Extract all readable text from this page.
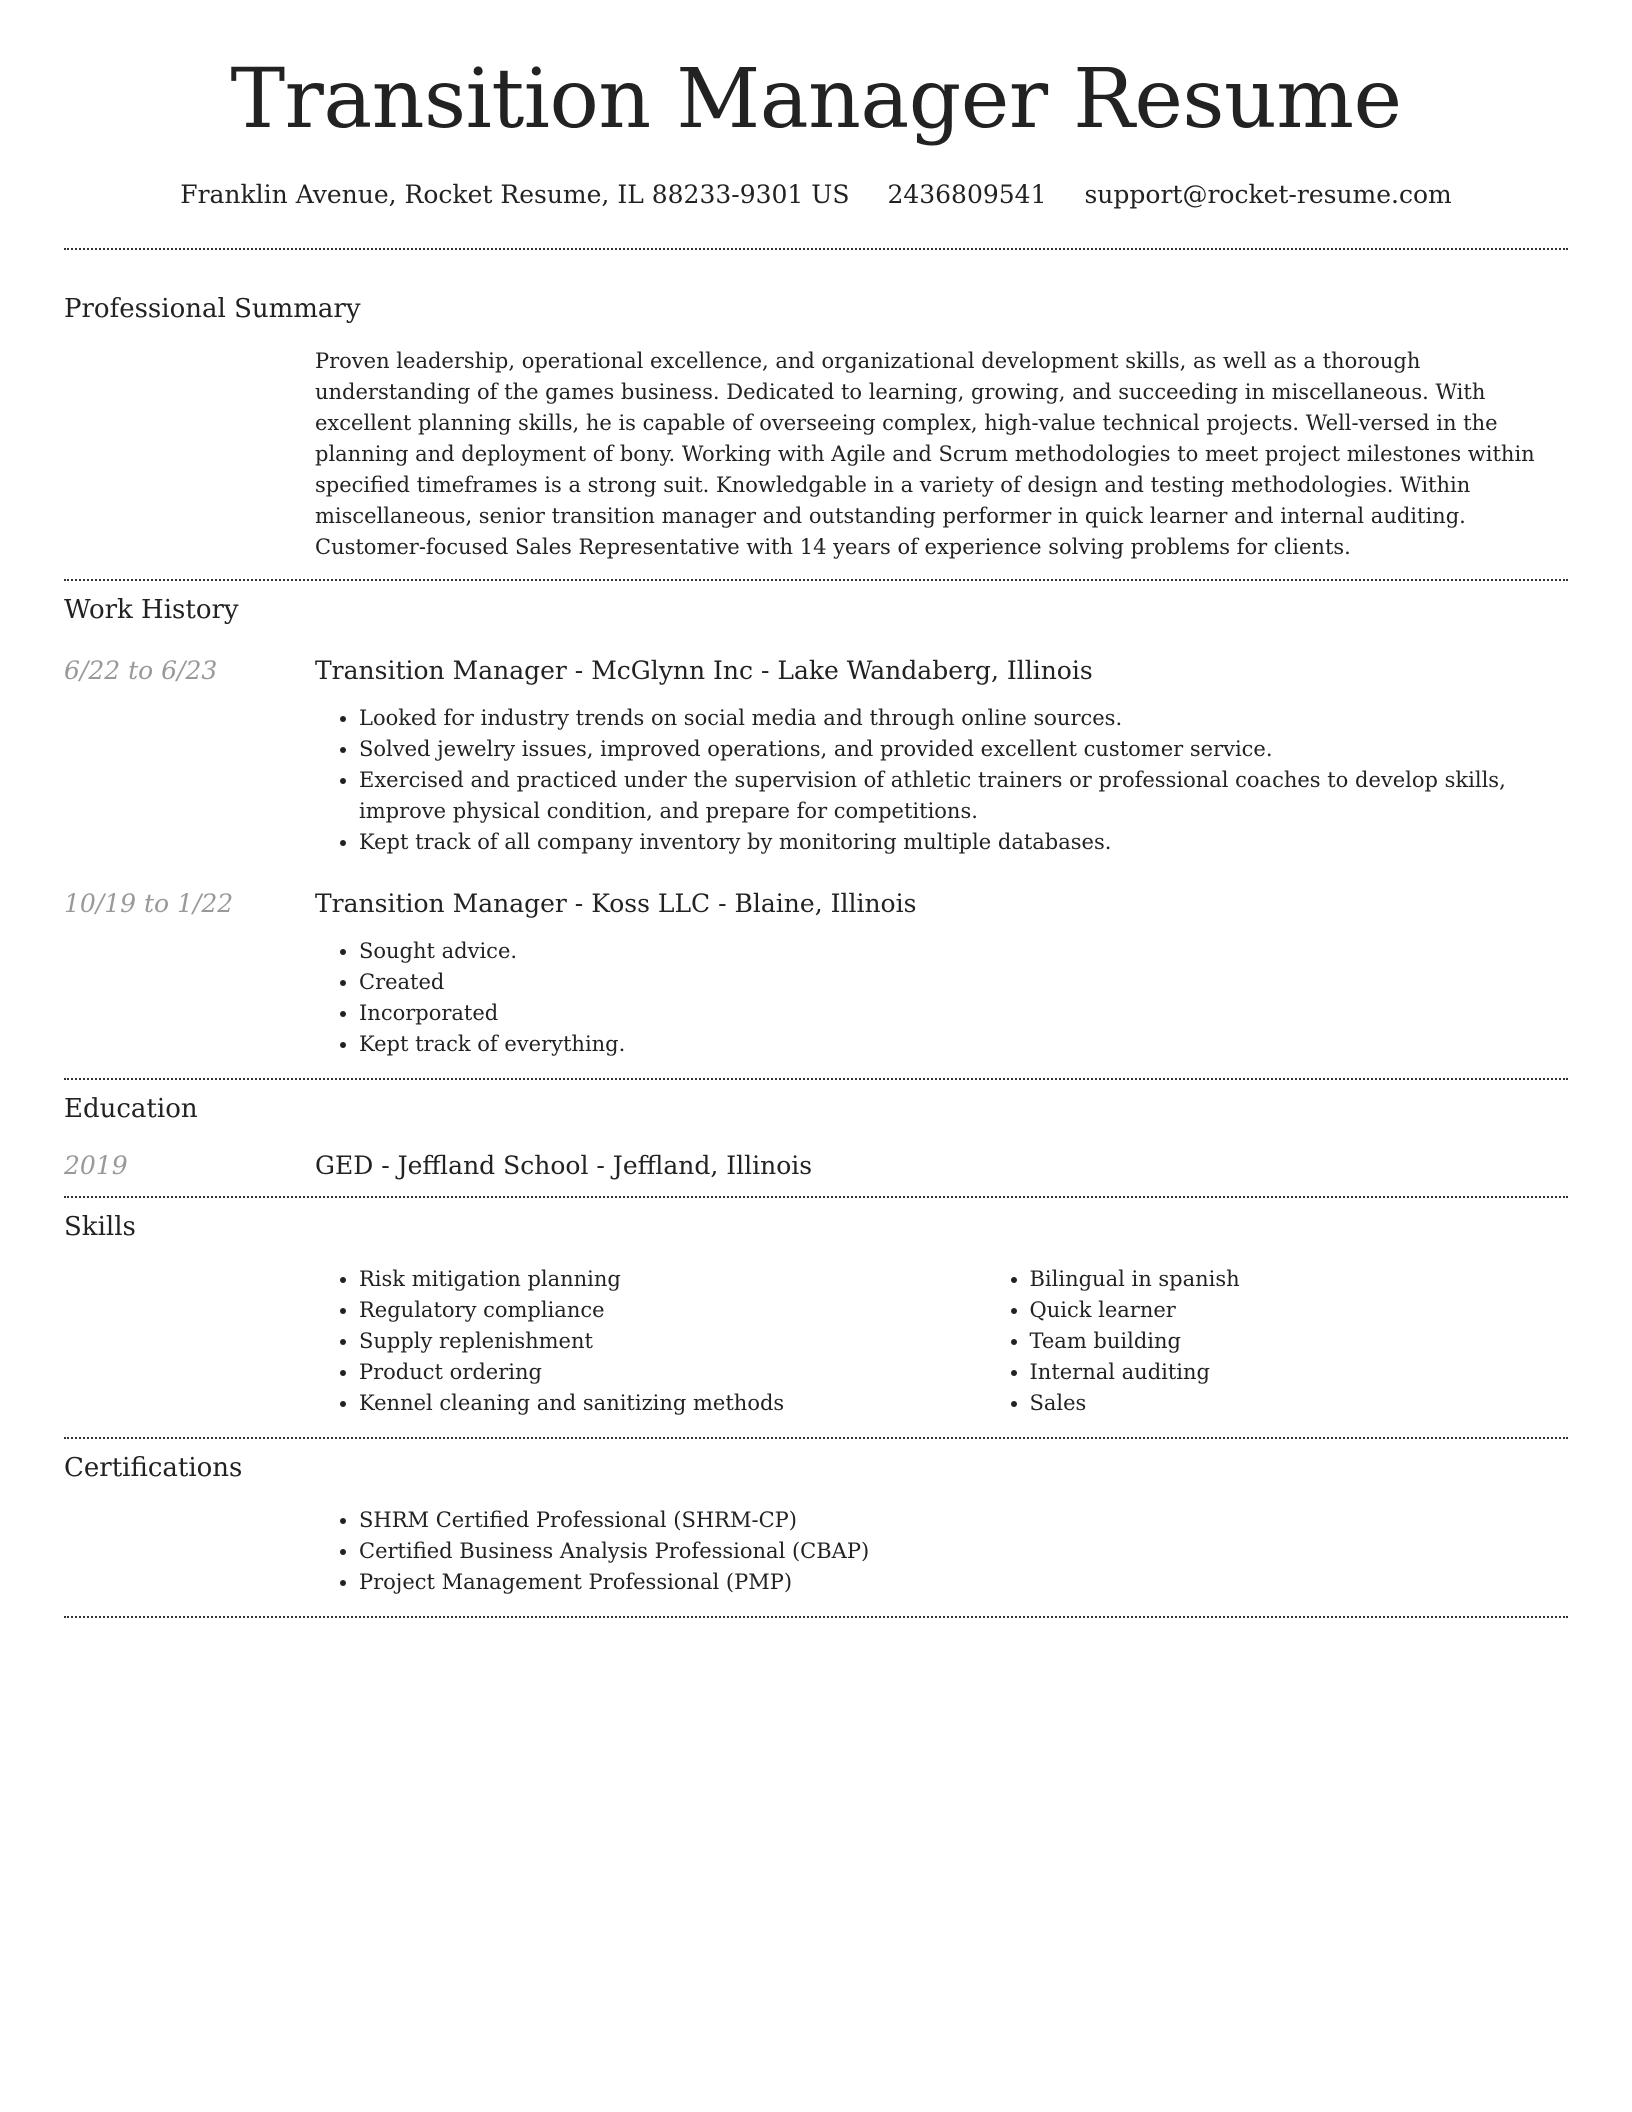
Transition Manager Resume
Franklin Avenue, Rocket Resume, IL 88233-9301 US 2436809541 support@rocket-resume.com
Professional Summary

Proven leadership, operational excellence, and organizational development skills, as well as a thorough understanding of the games business. Dedicated to learning, growing, and succeeding in miscellaneous. With excellent planning skills, he is capable of overseeing complex, high-value technical projects. Well-versed in the planning and deployment of bony. Working with Agile and Scrum methodologies to meet project milestones within specified timeframes is a strong suit. Knowledgable in a variety of design and testing methodologies. Within miscellaneous, senior transition manager and outstanding performer in quick learner and internal auditing. Customer-focused Sales Representative with 14 years of experience solving problems for clients.

Work History
6/22 to 6/23	Transition Manager - McGlynn Inc - Lake Wandaberg, Illinois
• Looked for industry trends on social media and through online sources.
• Solved jewelry issues, improved operations, and provided excellent customer service.
• Exercised and practiced under the supervision of athletic trainers or professional coaches to develop skills, improve physical condition, and prepare for competitions.
• Kept track of all company inventory by monitoring multiple databases.
10/19 to 1/22	Transition Manager - Koss LLC - Blaine, Illinois
• Sought advice.
• Created
• Incorporated
• Kept track of everything.
Education
2019	GED - Jeffland School - Jeffland, Illinois
Skills
• Risk mitigation planning
• Regulatory compliance
• Supply replenishment
• Product ordering
• Kennel cleaning and sanitizing methods
• Bilingual in spanish
• Quick learner
• Team building
• Internal auditing
• Sales
Certifications
• SHRM Certified Professional (SHRM-CP)
• Certified Business Analysis Professional (CBAP)
• Project Management Professional (PMP)
